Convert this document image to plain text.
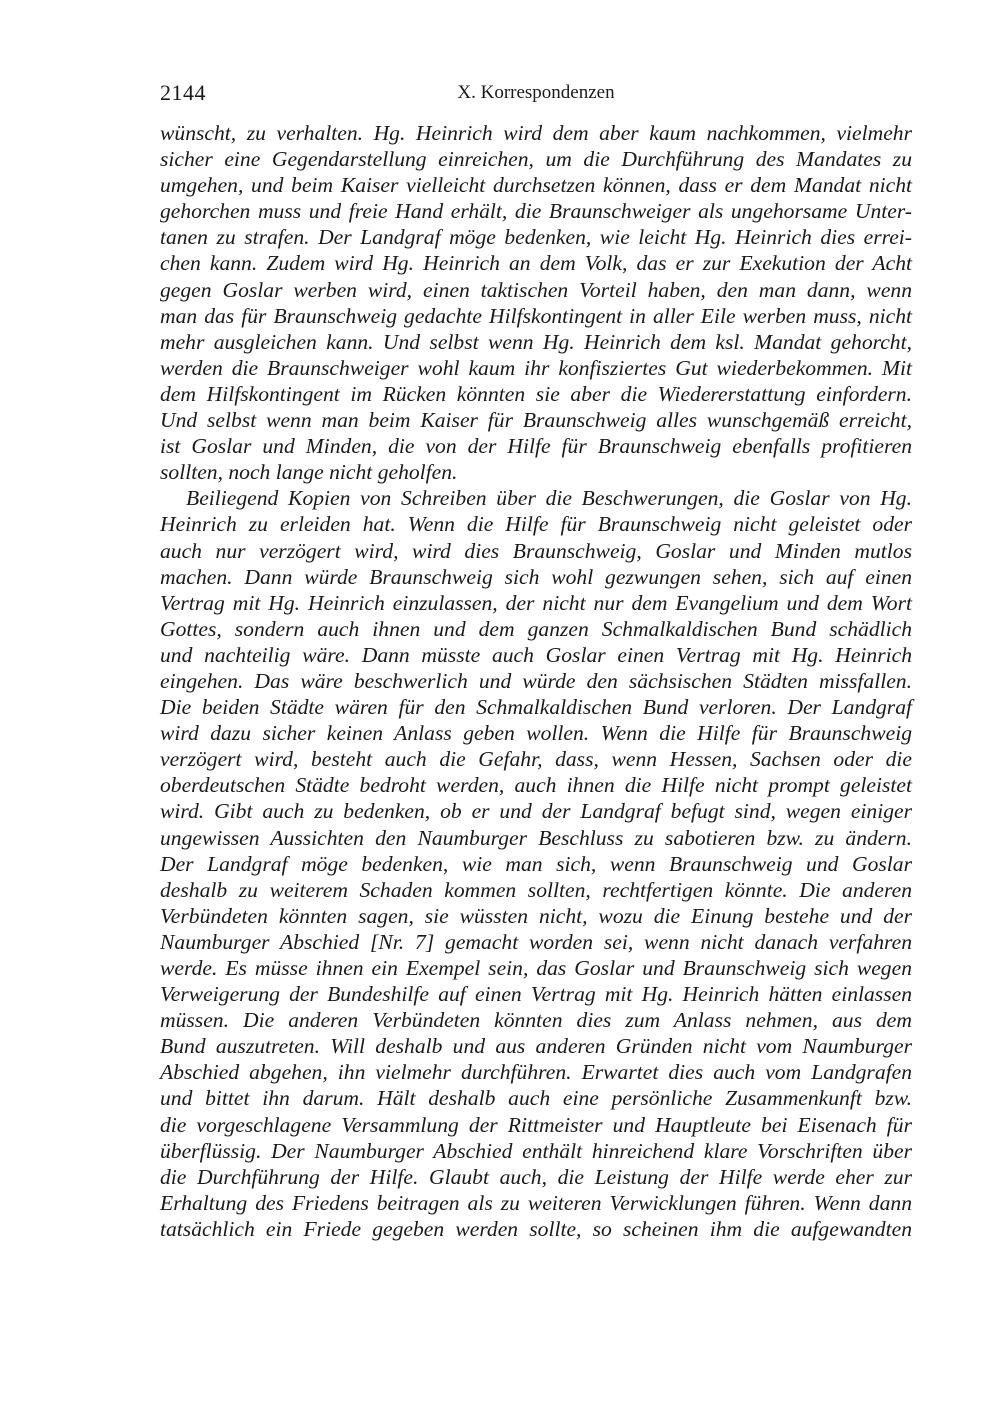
2144	X. Korrespondenzen
wünscht, zu verhalten. Hg. Heinrich wird dem aber kaum nachkommen, vielmehr
sicher eine Gegendarstellung einreichen, um die Durchführung des Mandates zu
umgehen, und beim Kaiser vielleicht durchsetzen können, dass er dem Mandat nicht
gehorchen muss und freie Hand erhält, die Braunschweiger als ungehorsame Unter-
tanen zu strafen. Der Landgraf möge bedenken, wie leicht Hg. Heinrich dies errei-
chen kann. Zudem wird Hg. Heinrich an dem Volk, das er zur Exekution der Acht
gegen Goslar werben wird, einen taktischen Vorteil haben, den man dann, wenn
man das für Braunschweig gedachte Hilfskontingent in aller Eile werben muss, nicht
mehr ausgleichen kann. Und selbst wenn Hg. Heinrich dem ksl. Mandat gehorcht,
werden die Braunschweiger wohl kaum ihr konfisziertes Gut wiederbekommen. Mit
dem Hilfskontingent im Rücken könnten sie aber die Wiedererstattung einfordern.
Und selbst wenn man beim Kaiser für Braunschweig alles wunschgemäß erreicht,
ist Goslar und Minden, die von der Hilfe für Braunschweig ebenfalls profitieren
sollten, noch lange nicht geholfen.
Beiliegend Kopien von Schreiben über die Beschwerungen, die Goslar von Hg.
Heinrich zu erleiden hat. Wenn die Hilfe für Braunschweig nicht geleistet oder
auch nur verzögert wird, wird dies Braunschweig, Goslar und Minden mutlos
machen. Dann würde Braunschweig sich wohl gezwungen sehen, sich auf einen
Vertrag mit Hg. Heinrich einzulassen, der nicht nur dem Evangelium und dem Wort
Gottes, sondern auch ihnen und dem ganzen Schmalkaldischen Bund schädlich
und nachteilig wäre. Dann müsste auch Goslar einen Vertrag mit Hg. Heinrich
eingehen. Das wäre beschwerlich und würde den sächsischen Städten missfallen.
Die beiden Städte wären für den Schmalkaldischen Bund verloren. Der Landgraf
wird dazu sicher keinen Anlass geben wollen. Wenn die Hilfe für Braunschweig
verzögert wird, besteht auch die Gefahr, dass, wenn Hessen, Sachsen oder die
oberdeutschen Städte bedroht werden, auch ihnen die Hilfe nicht prompt geleistet
wird. Gibt auch zu bedenken, ob er und der Landgraf befugt sind, wegen einiger
ungewissen Aussichten den Naumburger Beschluss zu sabotieren bzw. zu ändern.
Der Landgraf möge bedenken, wie man sich, wenn Braunschweig und Goslar
deshalb zu weiterem Schaden kommen sollten, rechtfertigen könnte. Die anderen
Verbündeten könnten sagen, sie wüssten nicht, wozu die Einung bestehe und der
Naumburger Abschied [Nr. 7] gemacht worden sei, wenn nicht danach verfahren
werde. Es müsse ihnen ein Exempel sein, das Goslar und Braunschweig sich wegen
Verweigerung der Bundeshilfe auf einen Vertrag mit Hg. Heinrich hätten einlassen
müssen. Die anderen Verbündeten könnten dies zum Anlass nehmen, aus dem
Bund auszutreten. Will deshalb und aus anderen Gründen nicht vom Naumburger
Abschied abgehen, ihn vielmehr durchführen. Erwartet dies auch vom Landgrafen
und bittet ihn darum. Hält deshalb auch eine persönliche Zusammenkunft bzw.
die vorgeschlagene Versammlung der Rittmeister und Hauptleute bei Eisenach für
überflüssig. Der Naumburger Abschied enthält hinreichend klare Vorschriften über
die Durchführung der Hilfe. Glaubt auch, die Leistung der Hilfe werde eher zur
Erhaltung des Friedens beitragen als zu weiteren Verwicklungen führen. Wenn dann
tatsächlich ein Friede gegeben werden sollte, so scheinen ihm die aufgewandten
